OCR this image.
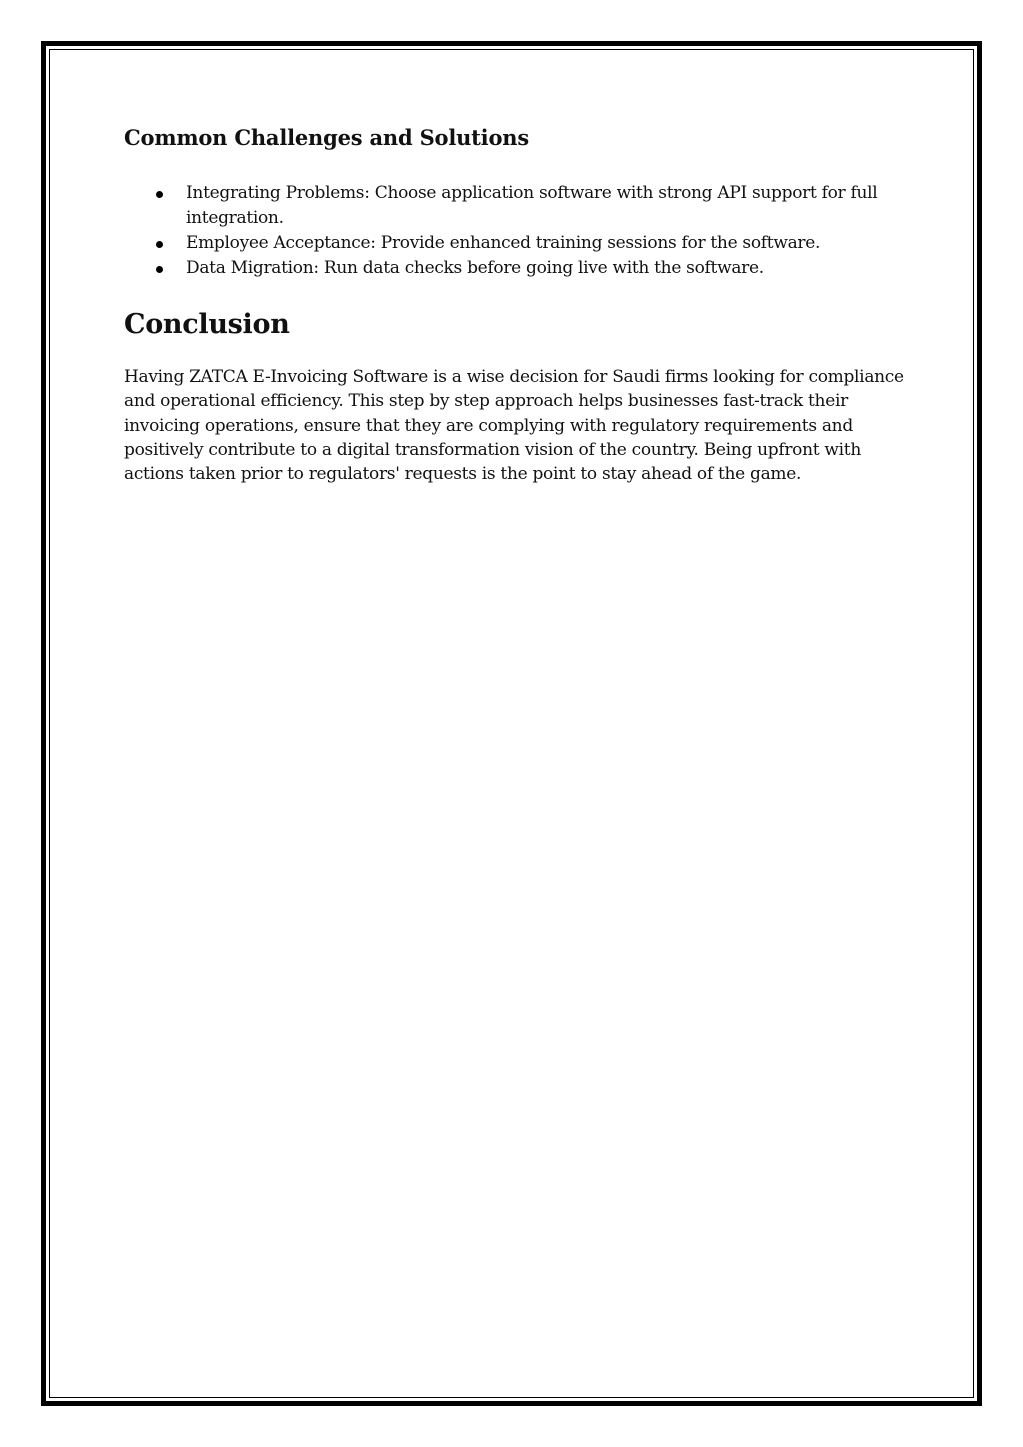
Common Challenges and Solutions
Integrating Problems: Choose application software with strong API support for full integration.
Employee Acceptance: Provide enhanced training sessions for the software.
Data Migration: Run data checks before going live with the software.
Conclusion

Having ZATCA E-Invoicing Software is a wise decision for Saudi firms looking for compliance and operational efficiency. This step by step approach helps businesses fast-track their invoicing operations, ensure that they are complying with regulatory requirements and positively contribute to a digital transformation vision of the country. Being upfront with actions taken prior to regulators' requests is the point to stay ahead of the game.
